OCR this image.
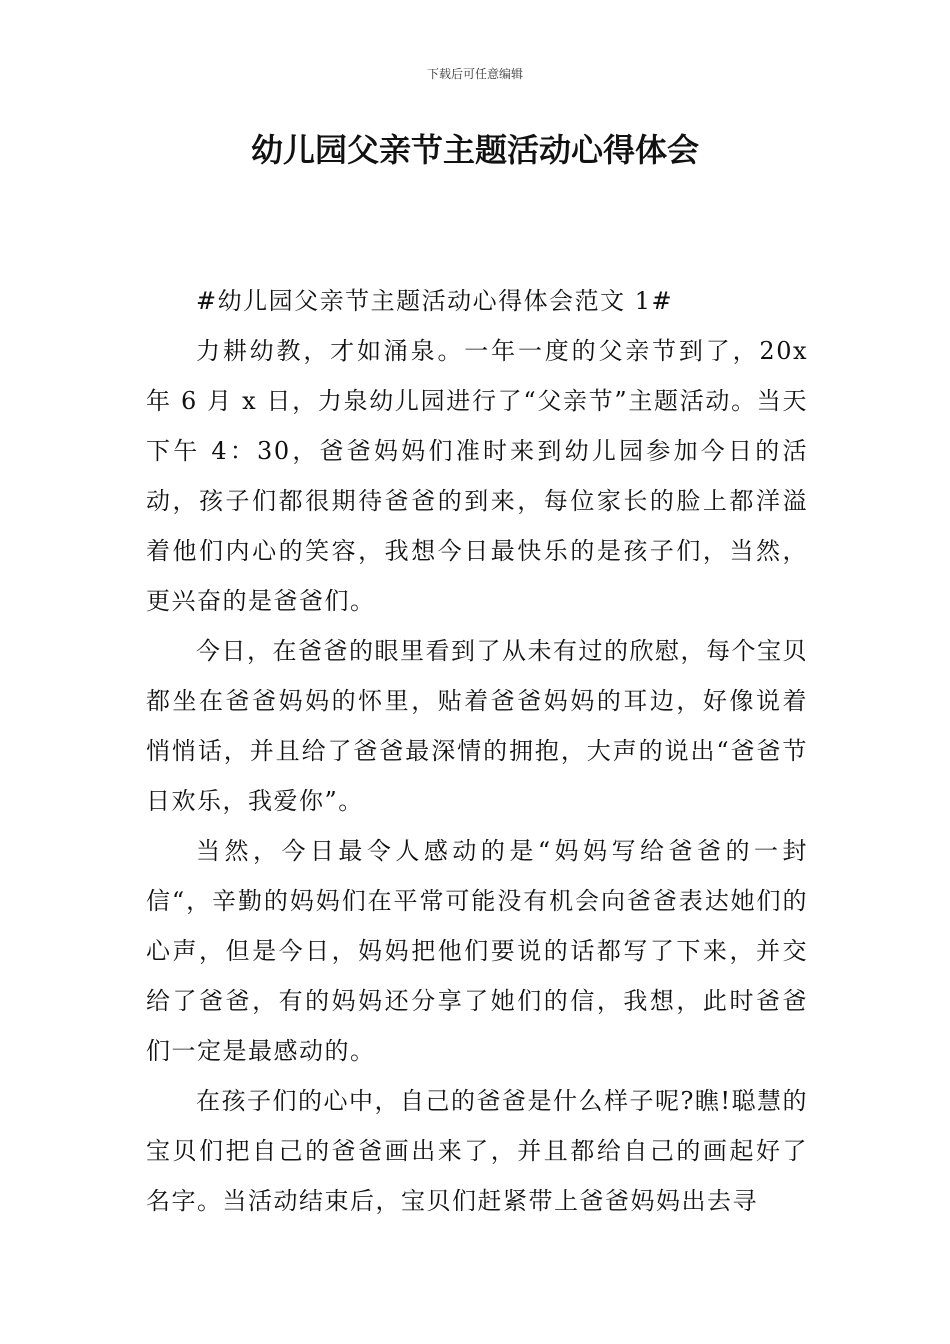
下载后可任意编辑
幼儿园父亲节主题活动心得体会

#幼儿园父亲节主题活动心得体会范文 1#

力耕幼教，才如涌泉。一年一度的父亲节到了，20x 年 6 月 x 日，力泉幼儿园进行了“父亲节”主题活动。当天下午 4：30，爸爸妈妈们准时来到幼儿园参加今日的活动，孩子们都很期待爸爸的到来，每位家长的脸上都洋溢着他们内心的笑容，我想今日最快乐的是孩子们，当然，更兴奋的是爸爸们。

今日，在爸爸的眼里看到了从未有过的欣慰，每个宝贝都坐在爸爸妈妈的怀里，贴着爸爸妈妈的耳边，好像说着悄悄话，并且给了爸爸最深情的拥抱，大声的说出“爸爸节日欢乐，我爱你”。

当然，今日最令人感动的是“妈妈写给爸爸的一封信“，辛勤的妈妈们在平常可能没有机会向爸爸表达她们的心声，但是今日，妈妈把他们要说的话都写了下来，并交给了爸爸，有的妈妈还分享了她们的信，我想，此时爸爸们一定是最感动的。

在孩子们的心中，自己的爸爸是什么样子呢?瞧!聪慧的宝贝们把自己的爸爸画出来了，并且都给自己的画起好了名字。当活动结束后，宝贝们赶紧带上爸爸妈妈出去寻
